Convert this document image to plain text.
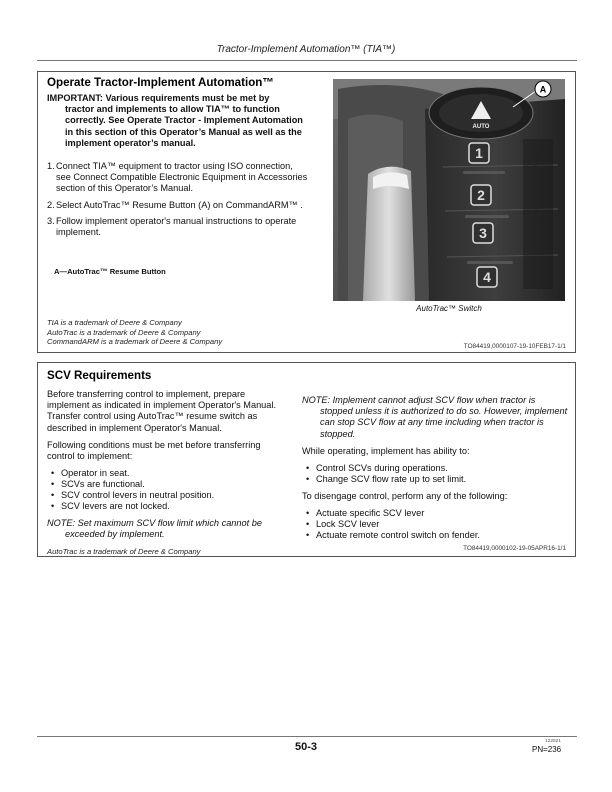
Tractor-Implement Automation™ (TIA™)
Operate Tractor-Implement Automation™
IMPORTANT: Various requirements must be met by
tractor and implements to allow TIA™ to function correctly. See Operate Tractor - Implement Automation in this section of this Operator’s Manual as well as the implement operator’s manual.
1. Connect TIA™ equipment to tractor using ISO connection, see Connect Compatible Electronic Equipment in Accessories section of this Operator’s Manual.
2. Select AutoTrac™ Resume Button (A) on CommandARM™ .
3. Follow implement operator's manual instructions to operate implement.
A—AutoTrac™ Resume Button
AUTO
A
1
2
3
4
RXA0135370—UN—25SEP13
AutoTrac™ Switch
TIA is a trademark of Deere & Company
AutoTrac is a trademark of Deere & Company
CommandARM is a trademark of Deere & Company
TO84419,0000107-19-10FEB17-1/1
SCV Requirements

Before transferring control to implement, prepare implement as indicated in implement Operator's Manual. Transfer control using AutoTrac™ resume switch as described in implement Operator's Manual.

Following conditions must be met before transferring control to implement:

• Operator in seat.
• SCVs are functional.
• SCV control levers in neutral position.
• SCV levers are not locked.

NOTE: Set maximum SCV flow limit which cannot be
exceeded by implement.

AutoTrac is a trademark of Deere & Company

NOTE: Implement cannot adjust SCV flow when tractor is
stopped unless it is authorized to do so. However, implement can stop SCV flow at any time including when tractor is stopped.

While operating, implement has ability to:

• Control SCVs during operations.
• Change SCV flow rate up to set limit.

To disengage control, perform any of the following:

• Actuate specific SCV lever
• Lock SCV lever
• Actuate remote control switch on fender.
TO84419,0000102-19-05APR16-1/1
50-3	122521
PN=236
